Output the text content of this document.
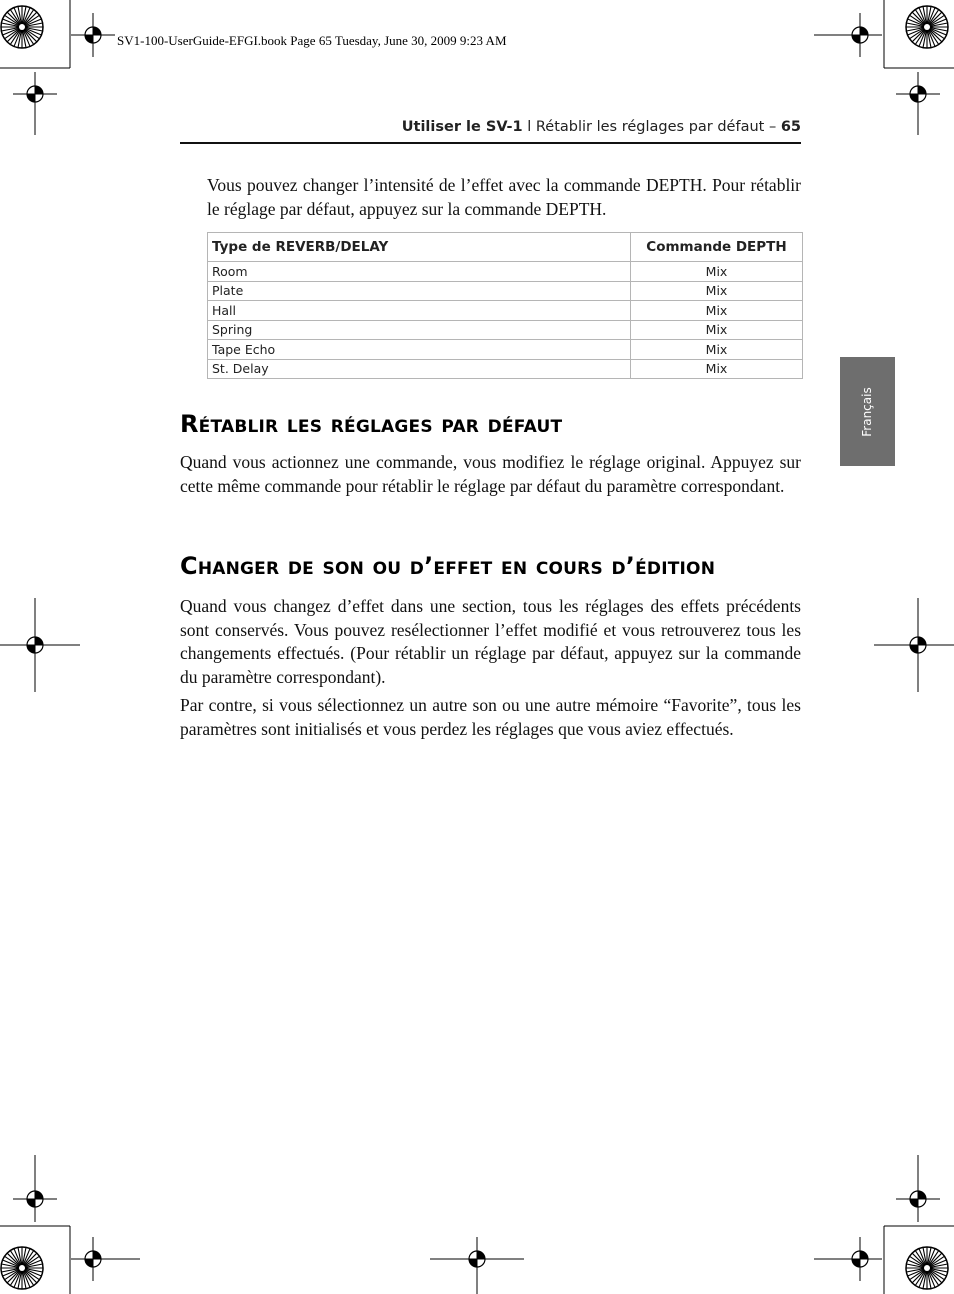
SV1-100-UserGuide-EFGI.book Page 65 Tuesday, June 30, 2009 9:23 AM
Utiliser le SV-1 l Rétablir les réglages par défaut – 65

Vous pouvez changer l’intensité de l’effet avec la commande DEPTH. Pour rétablir le réglage par défaut, appuyez sur la commande DEPTH.

Type de REVERB/DELAY	Commande DEPTH
Room	Mix
Plate	Mix
Hall	Mix
Spring	Mix
Tape Echo	Mix
St. Delay	Mix
Rétablir les réglages par défaut

Quand vous actionnez une commande, vous modifiez le réglage original. Appuyez sur cette même commande pour rétablir le réglage par défaut du paramètre correspondant.

Changer de son ou d’effet en cours d’édition

Quand vous changez d’effet dans une section, tous les réglages des effets précédents sont conservés. Vous pouvez resélectionner l’effet modifié et vous retrouverez tous les changements effectués. (Pour rétablir un réglage par défaut, appuyez sur la commande du paramètre correspondant).

Par contre, si vous sélectionnez un autre son ou une autre mémoire “Favorite”, tous les paramètres sont initialisés et vous perdez les réglages que vous aviez effectués.

Français
